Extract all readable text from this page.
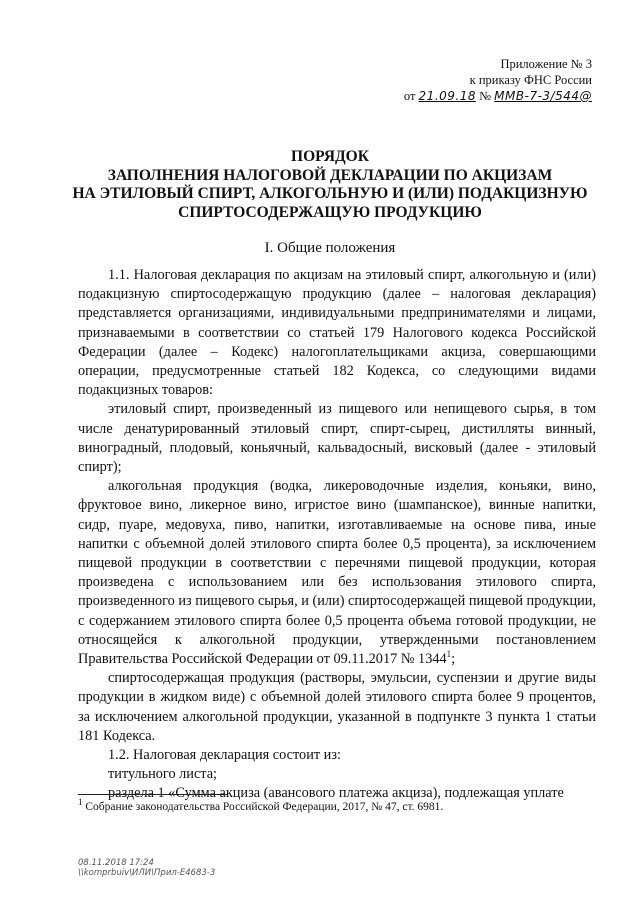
Приложение № 3
к приказу ФНС России
от 21.09.18 № ММВ-7-3/544@
ПОРЯДОК
ЗАПОЛНЕНИЯ НАЛОГОВОЙ ДЕКЛАРАЦИИ ПО АКЦИЗАМ
НА ЭТИЛОВЫЙ СПИРТ, АЛКОГОЛЬНУЮ И (ИЛИ) ПОДАКЦИЗНУЮ
СПИРТОСОДЕРЖАЩУЮ ПРОДУКЦИЮ
I. Общие положения

1.1. Налоговая декларация по акцизам на этиловый спирт, алкогольную и (или) подакцизную спиртосодержащую продукцию (далее – налоговая декларация) представляется организациями, индивидуальными предпринимателями и лицами, признаваемыми в соответствии со статьей 179 Налогового кодекса Российской Федерации (далее – Кодекс) налогоплательщиками акциза, совершающими операции, предусмотренные статьей 182 Кодекса, со следующими видами подакцизных товаров:

этиловый спирт, произведенный из пищевого или непищевого сырья, в том числе денатурированный этиловый спирт, спирт-сырец, дистилляты винный, виноградный, плодовый, коньячный, кальвадосный, висковый (далее - этиловый спирт);

алкогольная продукция (водка, ликероводочные изделия, коньяки, вино, фруктовое вино, ликерное вино, игристое вино (шампанское), винные напитки, сидр, пуаре, медовуха, пиво, напитки, изготавливаемые на основе пива, иные напитки с объемной долей этилового спирта более 0,5 процента), за исключением пищевой продукции в соответствии с перечнями пищевой продукции, которая произведена с использованием или без использования этилового спирта, произведенного из пищевого сырья, и (или) спиртосодержащей пищевой продукции, с содержанием этилового спирта более 0,5 процента объема готовой продукции, не относящейся к алкогольной продукции, утвержденными постановлением Правительства Российской Федерации от 09.11.2017 № 1344$^1$;

спиртосодержащая продукция (растворы, эмульсии, суспензии и другие виды продукции в жидком виде) с объемной долей этилового спирта более 9 процентов, за исключением алкогольной продукции, указанной в подпункте 3 пункта 1 статьи 181 Кодекса.

1.2. Налоговая декларация состоит из:

титульного листа;

раздела 1 «Сумма акциза (авансового платежа акциза), подлежащая уплате

$^1$ Собрание законодательства Российской Федерации, 2017, № 47, ст. 6981.
08.11.2018 17:24
\\komprbuiv\ИЛИ\Прил-Е4683-3
